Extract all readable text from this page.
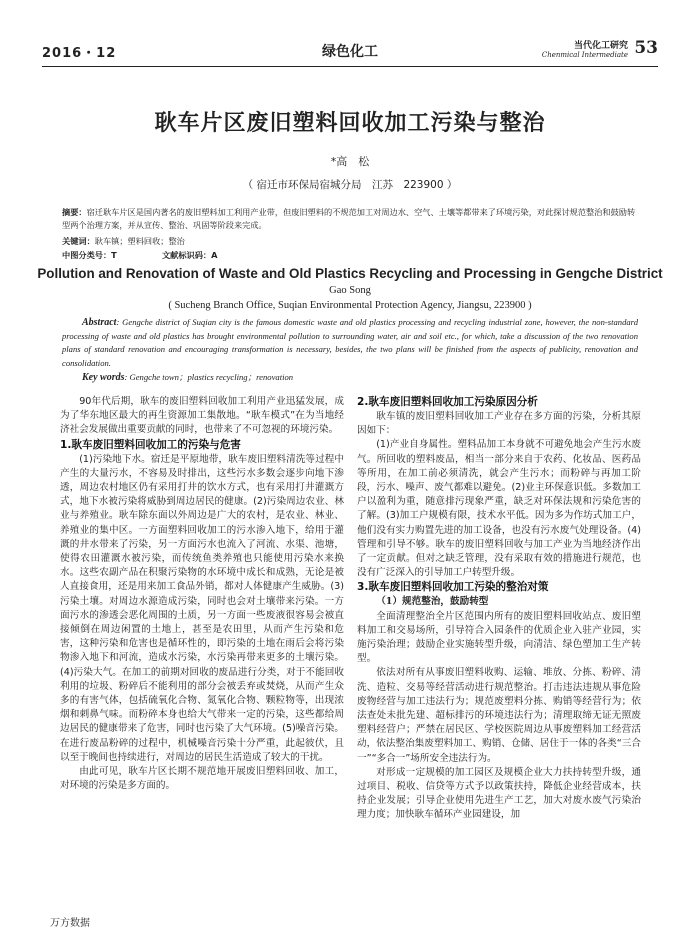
2016・12	绿色化工	当代化工研究
Chenmical Intermediate 53
耿车片区废旧塑料回收加工污染与整治
*高　松
（ 宿迁市环保局宿城分局　江苏　223900 ）
摘要：宿迁耿车片区是国内著名的废旧塑料加工利用产业带，但废旧塑料的不规范加工对周边水、空气、土壤等都带来了环境污染，对此探讨规范整治和鼓励转型两个治理方案，并从宣传、整治、巩固等阶段来完成。
关键词：耿车镇；塑料回收；整治
中图分类号：T	文献标识码：A
Pollution and Renovation of Waste and Old Plastics Recycling and Processing in Gengche District
Gao Song
( Sucheng Branch Office, Suqian Environmental Protection Agency, Jiangsu, 223900 )
Abstract: Gengche district of Suqian city is the famous domestic waste and old plastics processing and recycling industrial zone, however, the non-standard processing of waste and old plastics has brought environmental pollution to surrounding water, air and soil etc., for which, take a discussion of the two renovation plans of standard renovation and encouraging transformation is necessary, besides, the two plans will be finished from the aspects of publicity, renovation and consolidation.
Key words: Gengche town；plastics recycling；renovation

90年代后期，耿车的废旧塑料回收加工利用产业迅猛发展，成为了华东地区最大的再生资源加工集散地。“耿车模式”在为当地经济社会发展做出重要贡献的同时，也带来了不可忽视的环境污染。

1.耿车废旧塑料回收加工的污染与危害

(1)污染地下水。宿迁是平原地带，耿车废旧塑料清洗等过程中产生的大量污水，不容易及时排出，这些污水多数会逐步向地下渗透，周边农村地区仍有采用打井的饮水方式，也有采用打井灌溉方式，地下水被污染将威胁到周边居民的健康。(2)污染周边农业、林业与养殖业。耿车除东面以外周边是广大的农村，是农业、林业、养殖业的集中区。一方面塑料回收加工的污水渗入地下，给用于灌溉的井水带来了污染，另一方面污水也流入了河流、水渠、池塘，使得农田灌溉水被污染，而传统鱼类养殖也只能使用污染水来换水。这些农副产品在积聚污染物的水环境中成长和成熟，无论是被人直接食用，还是用来加工食品外销，都对人体健康产生威胁。(3)污染土壤。对周边水源造成污染，同时也会对土壤带来污染。一方面污水的渗透会恶化周围的土质，另一方面一些废液很容易会被直接倾倒在周边闲置的土地上，甚至是农田里，从而产生污染和危害，这种污染和危害也是循环性的，即污染的土地在雨后会将污染物渗入地下和河流，造成水污染，水污染再带来更多的土壤污染。(4)污染大气。在加工的前期对回收的废品进行分类，对于不能回收利用的垃圾、粉碎后不能利用的部分会被丢弃或焚烧，从而产生众多的有害气体，包括硫氧化合物、氮氧化合物、颗粒物等，出现浓烟和刺鼻气味。而粉碎本身也给大气带来一定的污染，这些都给周边居民的健康带来了危害，同时也污染了大气环境。(5)噪音污染。在进行废品粉碎的过程中，机械噪音污染十分严重，此起彼伏，且以至于晚间也持续进行，对周边的居民生活造成了较大的干扰。

由此可见，耿车片区长期不规范地开展废旧塑料回收、加工，对环境的污染是多方面的。

2.耿车废旧塑料回收加工污染原因分析

耿车镇的废旧塑料回收加工产业存在多方面的污染，分析其原因如下：

(1)产业自身属性。塑料品加工本身就不可避免地会产生污水废气。所回收的塑料废品，相当一部分来自于农药、化妆品、医药品等所用，在加工前必须清洗，就会产生污水；而粉碎与再加工阶段，污水、噪声、废气都难以避免。(2)业主环保意识低。多数加工户以盈利为重，随意排污现象严重，缺乏对环保法规和污染危害的了解。(3)加工户规模有限，技术水平低。因为多为作坊式加工户，他们没有实力购置先进的加工设备，也没有污水废气处理设备。(4)管理和引导不够。耿车的废旧塑料回收与加工产业为当地经济作出了一定贡献。但对之缺乏管理，没有采取有效的措施进行规范，也没有广泛深入的引导加工户转型升级。

3.耿车废旧塑料回收加工污染的整治对策
（1）规范整治，鼓励转型

全面清理整治全片区范围内所有的废旧塑料回收站点、废旧塑料加工和交易场所，引导符合入园条件的优质企业入驻产业园，实施污染治理；鼓励企业实施转型升级，向清洁、绿色塑加工生产转型。

依法对所有从事废旧塑料收购、运输、堆放、分拣、粉碎、清洗、造粒、交易等经营活动进行规范整治。打击违法违规从事危险废物经营与加工违法行为；规范废塑料分拣、购销等经营行为；依法查处未批先建、超标排污的环境违法行为；清理取缔无证无照废塑料经营户；严禁在居民区、学校医院周边从事废塑料加工经营活动，依法整治集废塑料加工、购销、仓储、居住于一体的各类“三合一”“多合一”场所安全违法行为。

对形成一定规模的加工园区及规模企业大力扶持转型升级，通过项目、税收、信贷等方式予以政策扶持，降低企业经营成本，扶持企业发展；引导企业使用先进生产工艺，加大对废水废气污染治理力度；加快耿车循环产业园建设，加

万方数据
